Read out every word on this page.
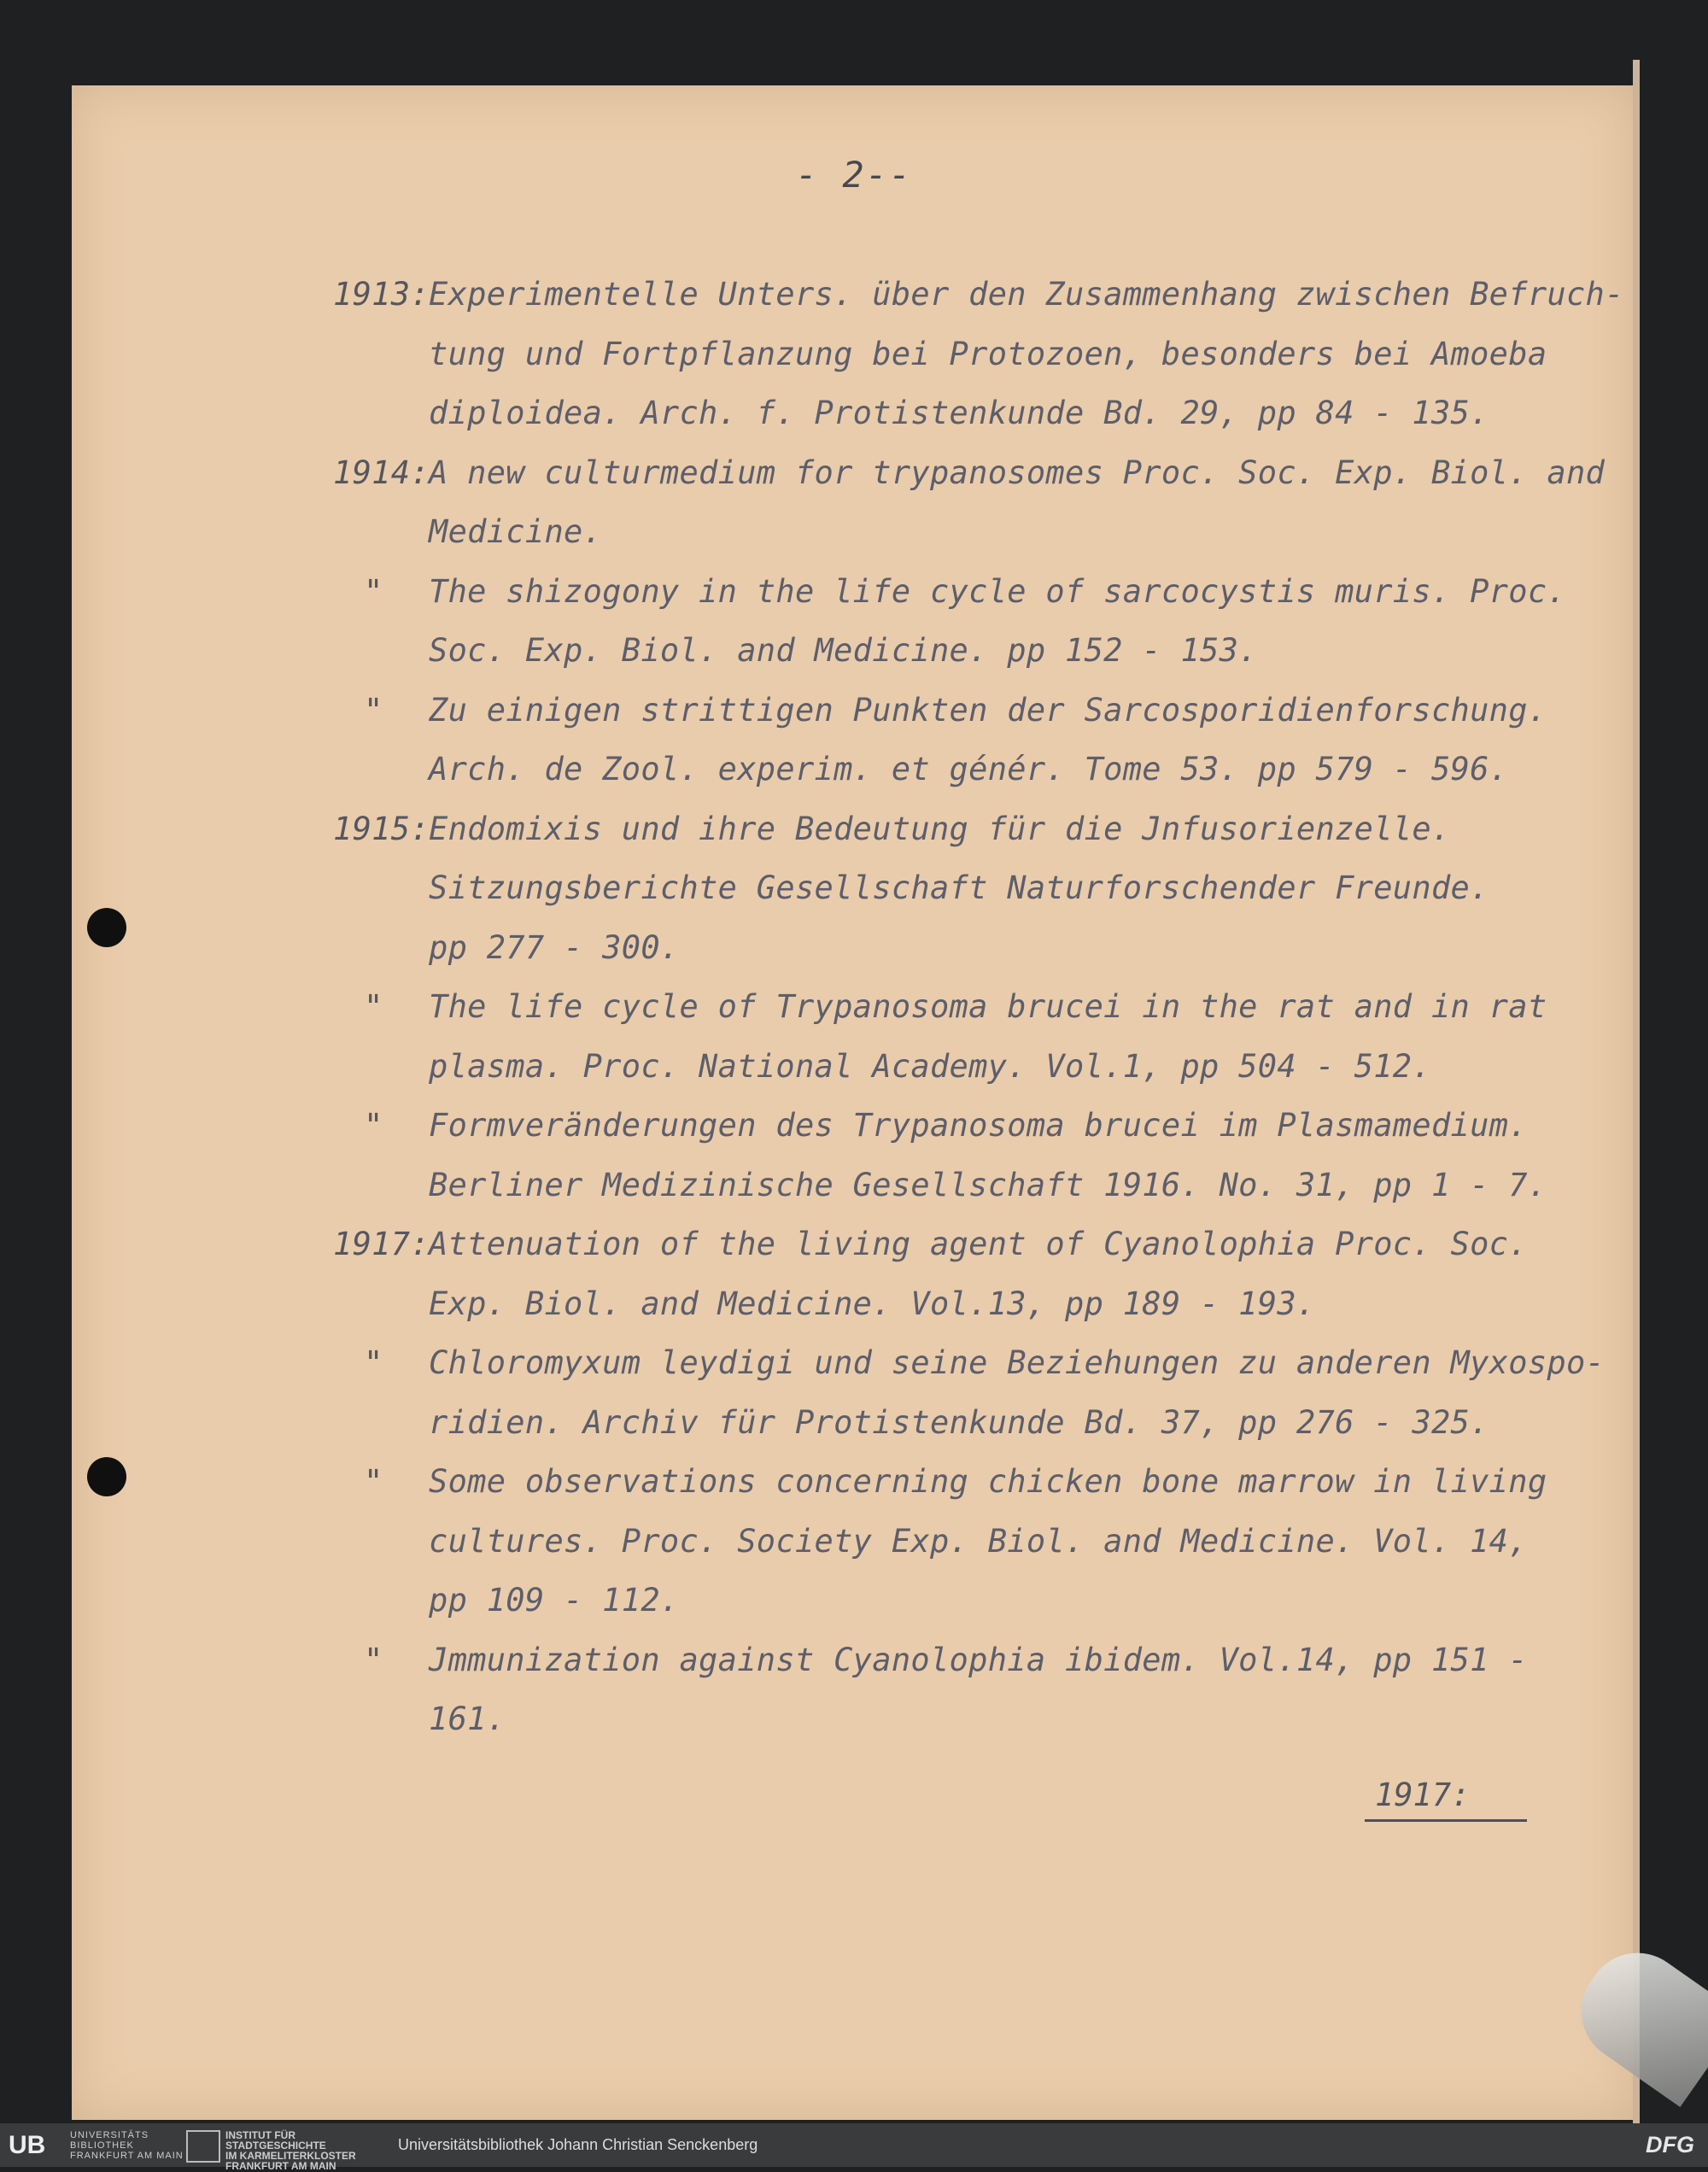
- 2--
1913: Experimentelle Unters. über den Zusammenhang zwischen Befruch-
tung und Fortpflanzung bei Protozoen, besonders bei Amoeba
diploidea. Arch. f. Protistenkunde Bd. 29, pp 84 - 135.
1914: A new culturmedium for trypanosomes Proc. Soc. Exp. Biol. and
Medicine.
"	The shizogony in the life cycle of sarcocystis muris. Proc.
Soc. Exp. Biol. and Medicine. pp 152 - 153.
"	Zu einigen strittigen Punkten der Sarcosporidienforschung.
Arch. de Zool. experim. et génér. Tome 53. pp 579 - 596.
1915: Endomixis und ihre Bedeutung für die Jnfusorienzelle.
Sitzungsberichte Gesellschaft Naturforschender Freunde.
pp 277 - 300.
"	The life cycle of Trypanosoma brucei in the rat and in rat
plasma. Proc. National Academy. Vol.1, pp 504 - 512.
"	Formveränderungen des Trypanosoma brucei im Plasmamedium.
Berliner Medizinische Gesellschaft 1916. No. 31, pp 1 - 7.
1917: Attenuation of the living agent of Cyanolophia Proc. Soc.
Exp. Biol. and Medicine. Vol.13, pp 189 - 193.
"	Chloromyxum leydigi und seine Beziehungen zu anderen Myxospo-
ridien. Archiv für Protistenkunde Bd. 37, pp 276 - 325.
"	Some observations concerning chicken bone marrow in living
cultures. Proc. Society Exp. Biol. and Medicine. Vol. 14,
pp 109 - 112.
"	Jmmunization against Cyanolophia ibidem. Vol.14, pp 151 -
161.
1917:
UB	UNIVERSITÄTS
BIBLIOTHEK
FRANKFURT AM MAIN
INSTITUT FÜR
STADTGESCHICHTE
IM KARMELITERKLOSTER
FRANKFURT AM MAIN
Universitätsbibliothek Johann Christian Senckenberg	DFG
